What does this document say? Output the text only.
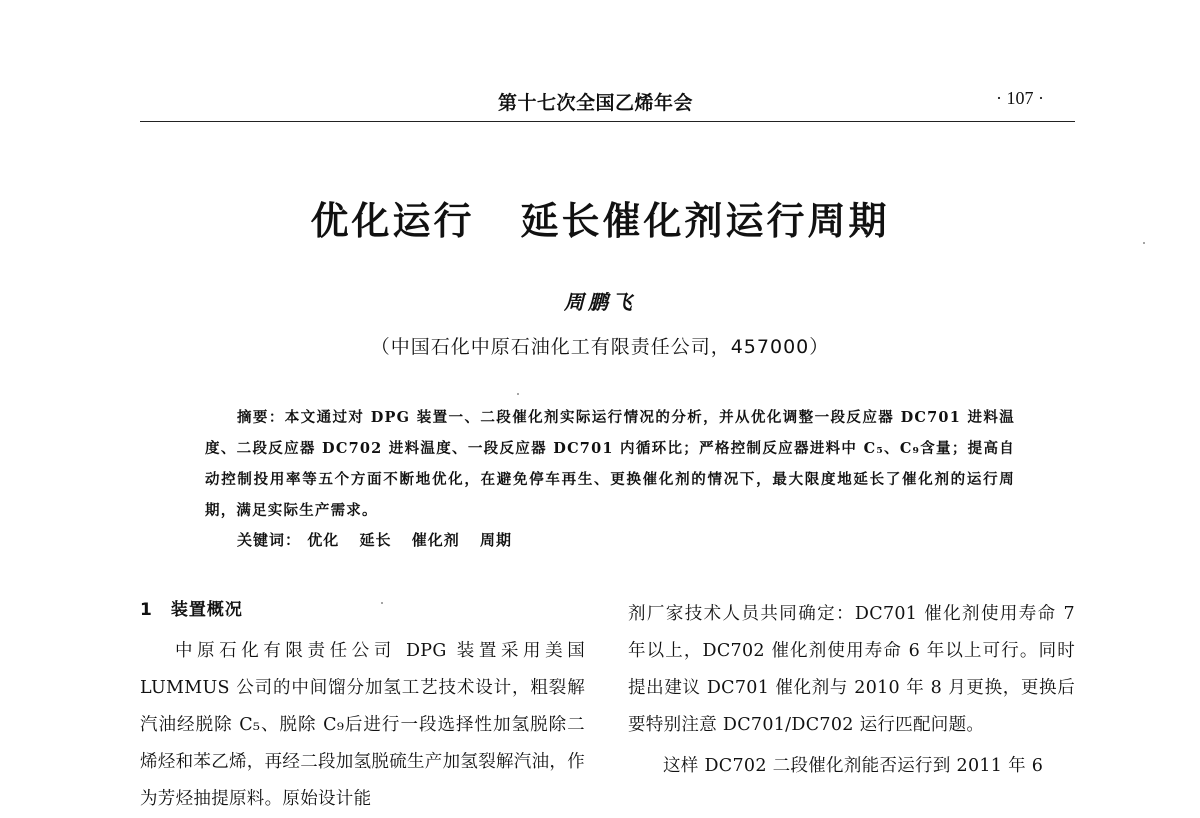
第十七次全国乙烯年会	· 107 ·
优化运行 延长催化剂运行周期
周鹏飞
（中国石化中原石油化工有限责任公司，457000）
摘要：本文通过对 DPG 装置一、二段催化剂实际运行情况的分析，并从优化调整一段反应器 DC701 进料温度、二段反应器 DC702 进料温度、一段反应器 DC701 内循环比；严格控制反应器进料中 C₅、C₉含量；提高自动控制投用率等五个方面不断地优化，在避免停车再生、更换催化剂的情况下，最大限度地延长了催化剂的运行周期，满足实际生产需求。
关键词： 优化 延长 催化剂 周期
1 装置概况
中原石化有限责任公司 DPG 装置采用美国 LUMMUS 公司的中间馏分加氢工艺技术设计，粗裂解汽油经脱除 C₅、脱除 C₉后进行一段选择性加氢脱除二烯烃和苯乙烯，再经二段加氢脱硫生产加氢裂解汽油，作为芳烃抽提原料。原始设计能
剂厂家技术人员共同确定：DC701 催化剂使用寿命 7 年以上，DC702 催化剂使用寿命 6 年以上可行。同时提出建议 DC701 催化剂与 2010 年 8 月更换，更换后要特别注意 DC701/DC702 运行匹配问题。
这样 DC702 二段催化剂能否运行到 2011 年 6
